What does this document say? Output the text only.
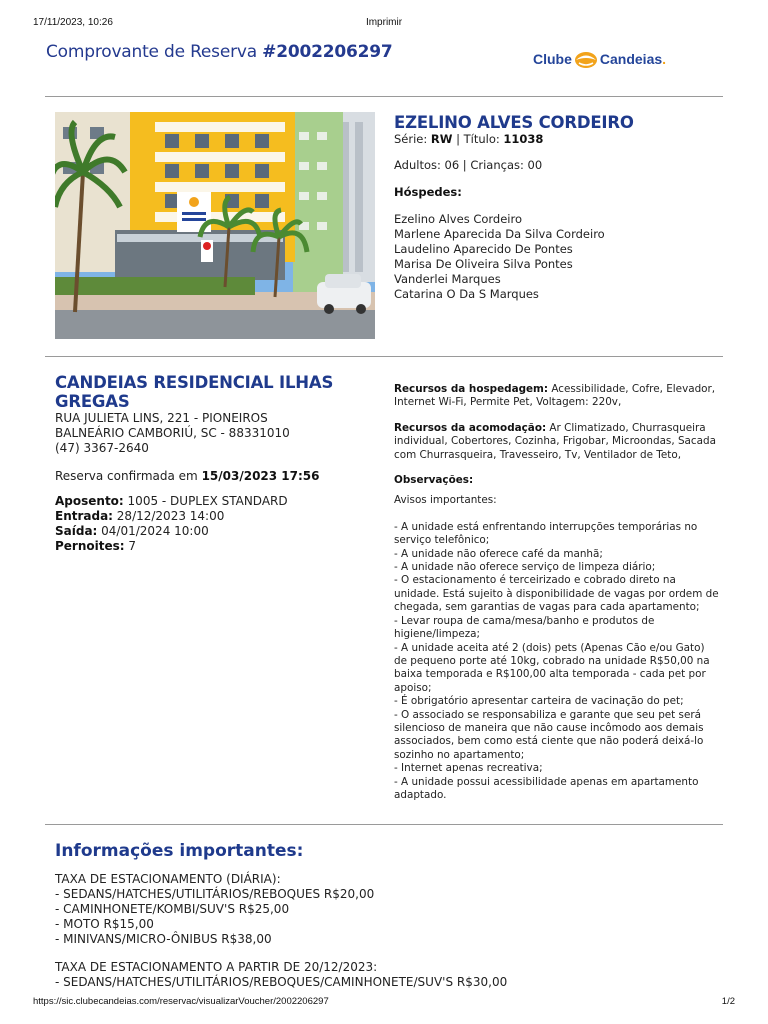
17/11/2023, 10:26	Imprimir
Comprovante de Reserva #2002206297	Clube Candeias .
EZELINO ALVES CORDEIRO
Série: RW | Título: 11038
Adultos: 06 | Crianças: 00
Hóspedes:
Ezelino Alves Cordeiro
Marlene Aparecida Da Silva Cordeiro
Laudelino Aparecido De Pontes
Marisa De Oliveira Silva Pontes
Vanderlei Marques
Catarina O Da S Marques
CANDEIAS RESIDENCIAL ILHAS GREGAS
RUA JULIETA LINS, 221 - PIONEIROS
BALNEÁRIO CAMBORIÚ, SC - 88331010
(47) 3367-2640
Reserva confirmada em 15/03/2023 17:56
Aposento: 1005 - DUPLEX STANDARD
Entrada: 28/12/2023 14:00
Saída: 04/01/2024 10:00
Pernoites: 7
Recursos da hospedagem: Acessibilidade, Cofre, Elevador, Internet Wi-Fi, Permite Pet, Voltagem: 220v,
Recursos da acomodação: Ar Climatizado, Churrasqueira individual, Cobertores, Cozinha, Frigobar, Microondas, Sacada com Churrasqueira, Travesseiro, Tv, Ventilador de Teto,
Observações:
Avisos importantes:
- A unidade está enfrentando interrupções temporárias no serviço telefônico;
- A unidade não oferece café da manhã;
- A unidade não oferece serviço de limpeza diário;
- O estacionamento é terceirizado e cobrado direto na unidade. Está sujeito à disponibilidade de vagas por ordem de chegada, sem garantias de vagas para cada apartamento;
- Levar roupa de cama/mesa/banho e produtos de higiene/limpeza;
- A unidade aceita até 2 (dois) pets (Apenas Cão e/ou Gato) de pequeno porte até 10kg, cobrado na unidade R$50,00 na baixa temporada e R$100,00 alta temporada - cada pet por apoiso;
- É obrigatório apresentar carteira de vacinação do pet;
- O associado se responsabiliza e garante que seu pet será silencioso de maneira que não cause incômodo aos demais associados, bem como está ciente que não poderá deixá-lo sozinho no apartamento;
- Internet apenas recreativa;
- A unidade possui acessibilidade apenas em apartamento adaptado.
Informações importantes:
TAXA DE ESTACIONAMENTO (DIÁRIA):
- SEDANS/HATCHES/UTILITÁRIOS/REBOQUES R$20,00
- CAMINHONETE/KOMBI/SUV'S R$25,00
- MOTO R$15,00
- MINIVANS/MICRO-ÔNIBUS R$38,00
TAXA DE ESTACIONAMENTO A PARTIR DE 20/12/2023:
- SEDANS/HATCHES/UTILITÁRIOS/REBOQUES/CAMINHONETE/SUV'S R$30,00
https://sic.clubecandeias.com/reservac/visualizarVoucher/2002206297	1/2
